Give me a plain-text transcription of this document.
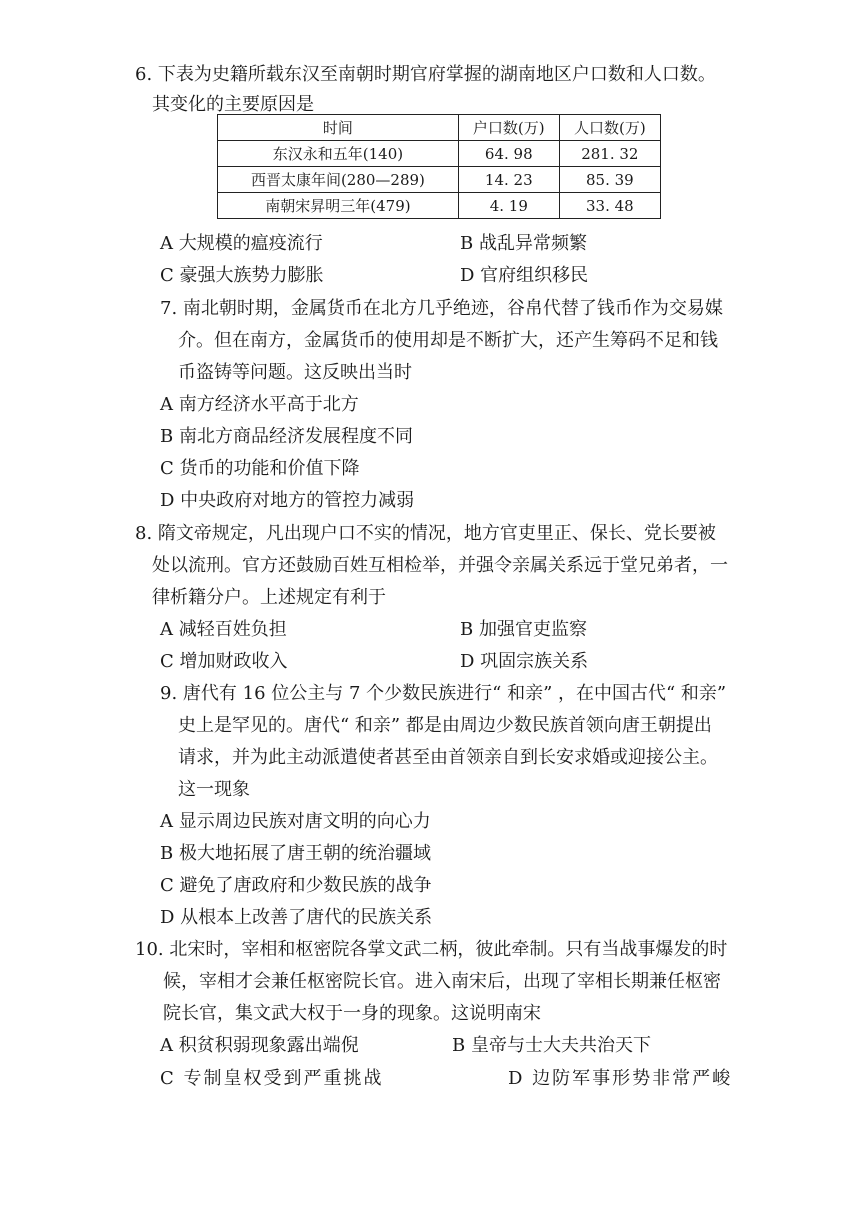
6. 下表为史籍所载东汉至南朝时期官府掌握的湖南地区户口数和人口数。
其变化的主要原因是
时间	户口数(万)	人口数(万)
东汉永和五年(140)	64. 98	281. 32
西晋太康年间(280—289)	14. 23	85. 39
南朝宋昇明三年(479)	4. 19	33. 48
A 大规模的瘟疫流行	B 战乱异常频繁
C 豪强大族势力膨胀	D 官府组织移民
7. 南北朝时期，金属货币在北方几乎绝迹，谷帛代替了钱币作为交易媒
介。但在南方，金属货币的使用却是不断扩大，还产生筹码不足和钱
币盗铸等问题。这反映出当时
A 南方经济水平高于北方
B 南北方商品经济发展程度不同
C 货币的功能和价值下降
D 中央政府对地方的管控力减弱
8. 隋文帝规定，凡出现户口不实的情况，地方官吏里正、保长、党长要被
处以流刑。官方还鼓励百姓互相检举，并强令亲属关系远于堂兄弟者，一
律析籍分户。上述规定有利于
A 减轻百姓负担	B 加强官吏监察
C 增加财政收入	D 巩固宗族关系
9. 唐代有 16 位公主与 7 个少数民族进行“ 和亲” ，在中国古代“ 和亲”
史上是罕见的。唐代“ 和亲” 都是由周边少数民族首领向唐王朝提出
请求，并为此主动派遣使者甚至由首领亲自到长安求婚或迎接公主。
这一现象
A 显示周边民族对唐文明的向心力
B 极大地拓展了唐王朝的统治疆域
C 避免了唐政府和少数民族的战争
D 从根本上改善了唐代的民族关系
10. 北宋时，宰相和枢密院各掌文武二柄，彼此牵制。只有当战事爆发的时
候，宰相才会兼任枢密院长官。进入南宋后，出现了宰相长期兼任枢密
院长官，集文武大权于一身的现象。这说明南宋
A 积贫积弱现象露出端倪	B 皇帝与士大夫共治天下
C 专制皇权受到严重挑战	D 边防军事形势非常严峻
